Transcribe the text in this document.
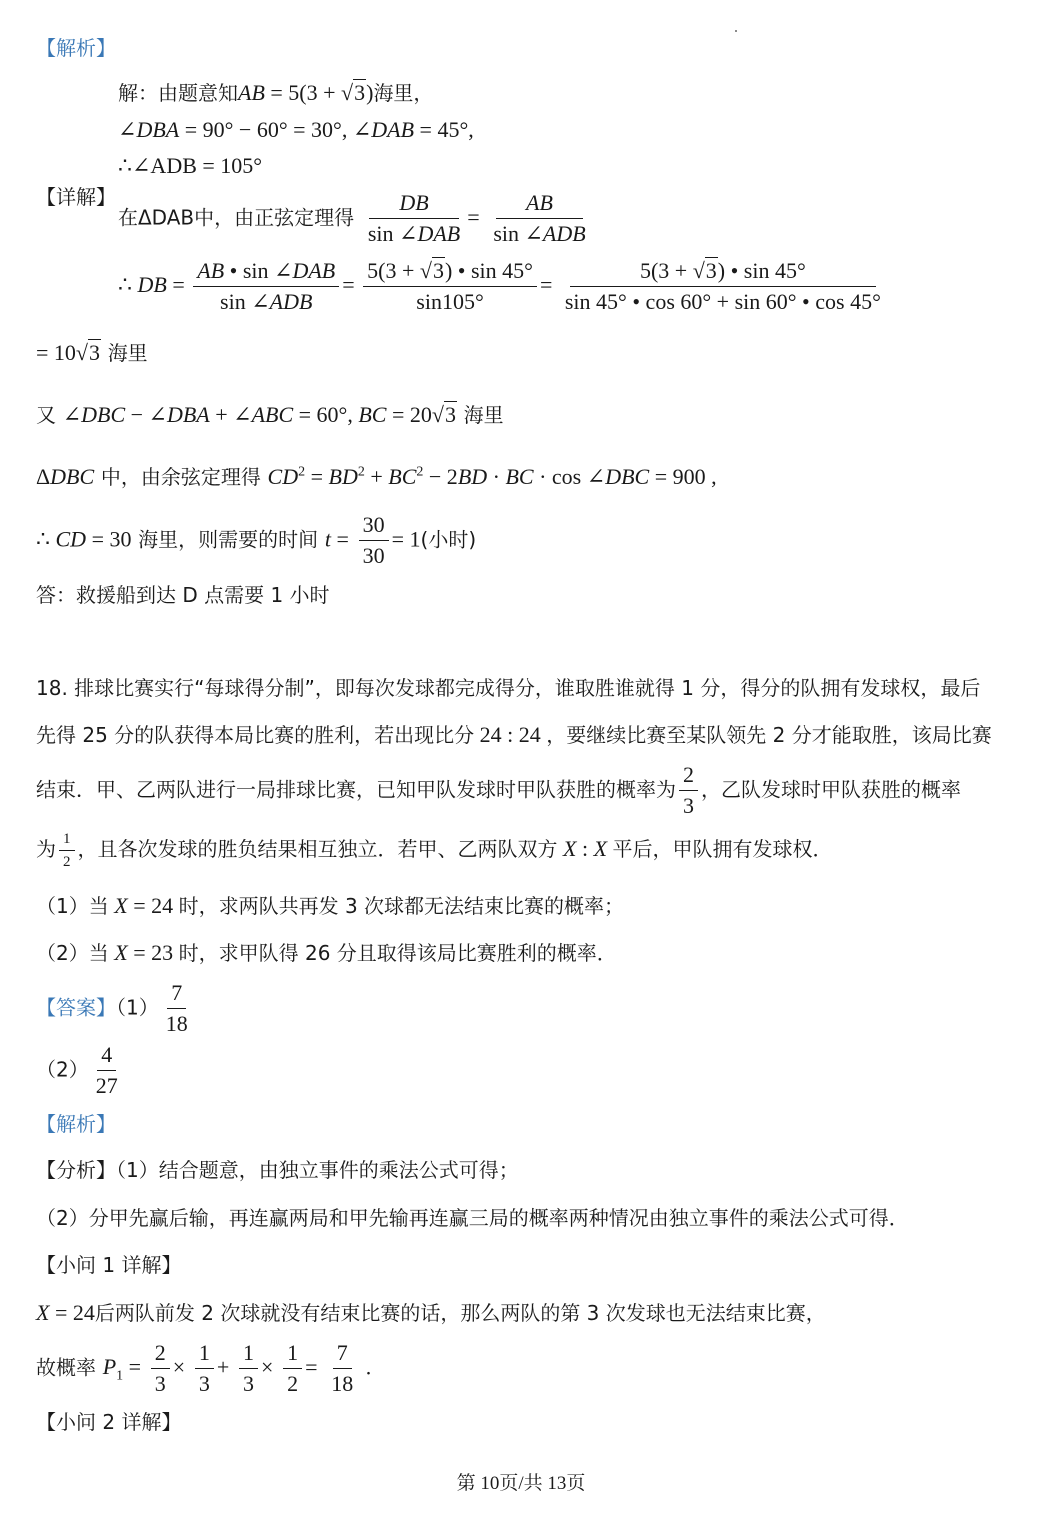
【解析】
解：由题意知AB = 5(3 + √3)海里，
∠DBA = 90° − 60° = 30°, ∠DAB = 45°,
∴∠ADB = 105°
【详解】
在ΔDAB中，由正弦定理得 $\frac{DB}{\text{sin ∠DAB}} = \frac{AB}{\text{sin ∠ADB}}$
∴ DB = $\frac{\text{AB • sin ∠DAB}}{\text{sin ∠ADB}} = \frac{5(3 + √3) • \sin 45^\circ}{\sin 105^\circ} = \frac{5(3 + √3) • \sin 45^\circ}{\sin 45^\circ • \cos 60^\circ + \sin 60^\circ • \cos 45^\circ}$
= 10√3 海里
又 ∠DBC − ∠DBA + ∠ABC = 60°, BC = 20√3 海里
ΔDBC 中，由余弦定理得 $CD^2 = BD^2 + BC^2 - 2BD$ · BC · cos ∠DBC = 900 ,
∴ CD = 30 海里，则需要的时间 $t = \frac{30}{30} = 1$(小时)
答：救援船到达 D 点需要 1 小时
18. 排球比赛实行“每球得分制”，即每次发球都完成得分，谁取胜谁就得 1 分，得分的队拥有发球权，最后
先得 25 分的队获得本局比赛的胜利，若出现比分 24 : 24 ，要继续比赛至某队领先 2 分才能取胜，该局比赛
结束．甲、乙两队进行一局排球比赛，已知甲队发球时甲队获胜的概率为 $\frac{2}{3}$ ，乙队发球时甲队获胜的概率
为 $\frac{1}{2}$ ，且各次发球的胜负结果相互独立．若甲、乙两队双方 X : X 平后，甲队拥有发球权．
（1）当 X = 24 时，求两队共再发 3 次球都无法结束比赛的概率；
（2）当 X = 23 时，求甲队得 26 分且取得该局比赛胜利的概率．
【答案】$(1) \frac{7}{18}$
$(2) \frac{4}{27}$
【解析】
【分析】（1）结合题意，由独立事件的乘法公式可得；
（2）分甲先赢后输，再连赢两局和甲先输再连赢三局的概率两种情况由独立事件的乘法公式可得．
【小问 1 详解】
X = 24后两队前发 2 次球就没有结束比赛的话，那么两队的第 3 次发球也无法结束比赛，
故概率 $P_1 = \frac{2}{3} \times \frac{1}{3} + \frac{1}{3} \times \frac{1}{2} = \frac{7}{18}$ .
【小问 2 详解】
第 10页/共 13页
